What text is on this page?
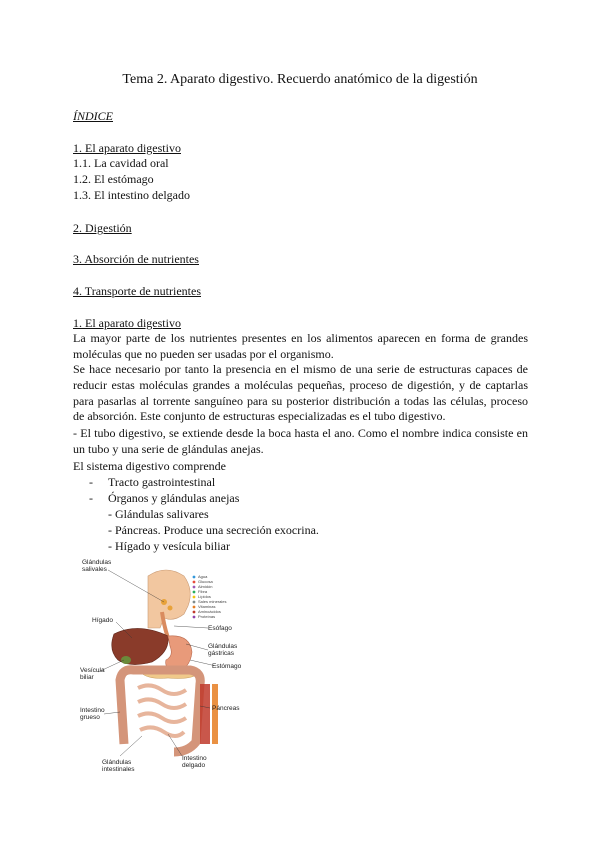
Tema 2. Aparato digestivo. Recuerdo anatómico de la digestión
ÍNDICE
1. El aparato digestivo
1.1. La cavidad oral
1.2. El estómago
1.3. El intestino delgado
2. Digestión
3. Absorción de nutrientes
4. Transporte de nutrientes
1. El aparato digestivo
La mayor parte de los nutrientes presentes en los alimentos aparecen en forma de grandes moléculas que no pueden ser usadas por el organismo.
Se hace necesario por tanto la presencia en el mismo de una serie de estructuras capaces de reducir estas moléculas grandes a moléculas pequeñas, proceso de digestión, y de captarlas para pasarlas al torrente sanguíneo para su posterior distribución a todas las células, proceso de absorción. Este conjunto de estructuras especializadas es el tubo digestivo.
- El tubo digestivo, se extiende desde la boca hasta el ano. Como el nombre indica consiste en un tubo y una serie de glándulas anejas.
El sistema digestivo comprende
- Tracto gastrointestinal
- Órganos y glándulas anejas
- Glándulas salivares
- Páncreas. Produce una secreción exocrina.
- Hígado y vesícula biliar
Agua
Glucosa
Almidón
Fibra
Lípidos
Sales minerales
Vitaminas
Aminoácidos
Proteínas
Glándulas
salivales
Hígado
Esófago
Glándulas
gástricas
Estómago
Vesícula
biliar
Páncreas
Intestino
grueso
Glándulas
intestinales
Intestino
delgado
